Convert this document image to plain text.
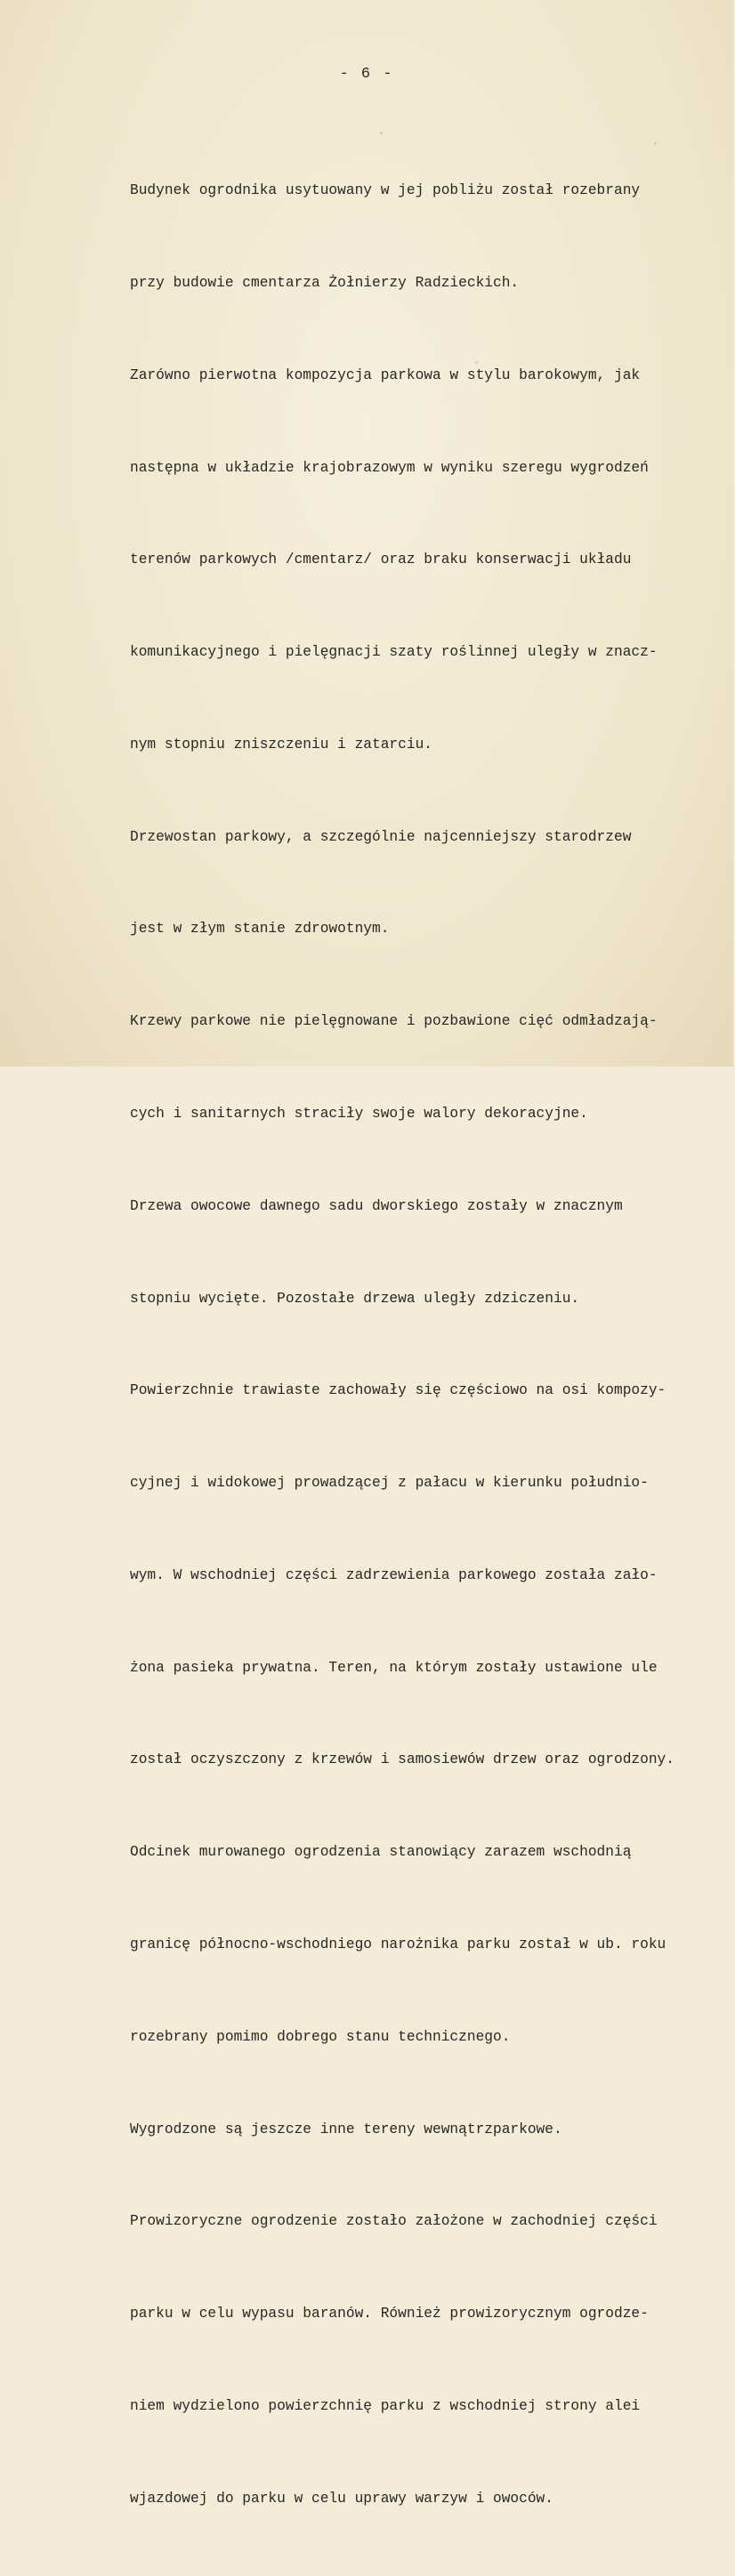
- 6 -

Budynek ogrodnika usytuowany w jej pobliżu został rozebrany

przy budowie cmentarza Żołnierzy Radzieckich.

Zarówno pierwotna kompozycja parkowa w stylu barokowym, jak

następna w układzie krajobrazowym w wyniku szeregu wygrodzeń

terenów parkowych /cmentarz/ oraz braku konserwacji układu

komunikacyjnego i pielęgnacji szaty roślinnej uległy w znacz-

nym stopniu zniszczeniu i zatarciu.

Drzewostan parkowy, a szczególnie najcenniejszy starodrzew

jest w złym stanie zdrowotnym.

Krzewy parkowe nie pielęgnowane i pozbawione cięć odmładzają-

cych i sanitarnych straciły swoje walory dekoracyjne.

Drzewa owocowe dawnego sadu dworskiego zostały w znacznym

stopniu wycięte. Pozostałe drzewa uległy zdziczeniu.

Powierzchnie trawiaste zachowały się częściowo na osi kompozy-

cyjnej i widokowej prowadzącej z pałacu w kierunku południo-

wym. W wschodniej części zadrzewienia parkowego została zało-

żona pasieka prywatna. Teren, na którym zostały ustawione ule

został oczyszczony z krzewów i samosiewów drzew oraz ogrodzony.

Odcinek murowanego ogrodzenia stanowiący zarazem wschodnią

granicę północno-wschodniego narożnika parku został w ub. roku

rozebrany pomimo dobrego stanu technicznego.

Wygrodzone są jeszcze inne tereny wewnątrzparkowe.

Prowizoryczne ogrodzenie zostało założone w zachodniej części

parku w celu wypasu baranów. Również prowizorycznym ogrodze-

niem wydzielono powierzchnię parku z wschodniej strony alei

wjazdowej do parku w celu uprawy warzyw i owoców.
